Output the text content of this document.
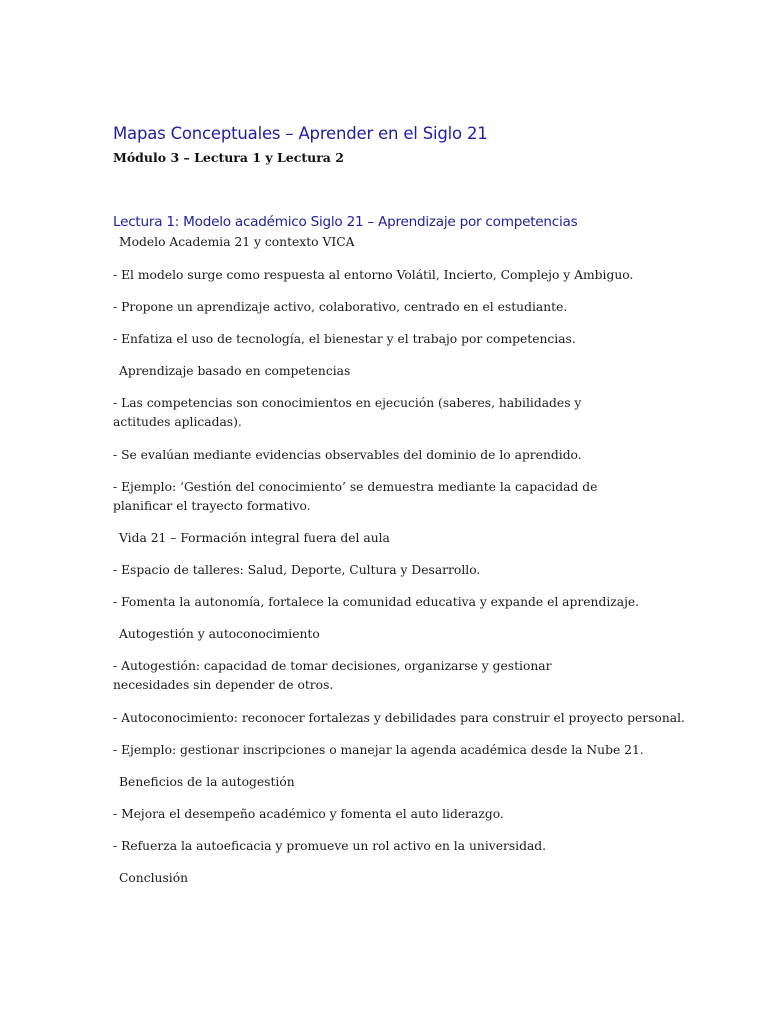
Mapas Conceptuales – Aprender en el Siglo 21
Módulo 3 – Lectura 1 y Lectura 2
Lectura 1: Modelo académico Siglo 21 – Aprendizaje por competencias
Modelo Academia 21 y contexto VICA
- El modelo surge como respuesta al entorno Volátil, Incierto, Complejo y Ambiguo.
- Propone un aprendizaje activo, colaborativo, centrado en el estudiante.
- Enfatiza el uso de tecnología, el bienestar y el trabajo por competencias.
Aprendizaje basado en competencias
- Las competencias son conocimientos en ejecución (saberes, habilidades y actitudes aplicadas).
- Se evalúan mediante evidencias observables del dominio de lo aprendido.
- Ejemplo: ‘Gestión del conocimiento’ se demuestra mediante la capacidad de planificar el trayecto formativo.
Vida 21 – Formación integral fuera del aula
- Espacio de talleres: Salud, Deporte, Cultura y Desarrollo.
- Fomenta la autonomía, fortalece la comunidad educativa y expande el aprendizaje.
Autogestión y autoconocimiento
- Autogestión: capacidad de tomar decisiones, organizarse y gestionar necesidades sin depender de otros.
- Autoconocimiento: reconocer fortalezas y debilidades para construir el proyecto personal.
- Ejemplo: gestionar inscripciones o manejar la agenda académica desde la Nube 21.
Beneficios de la autogestión
- Mejora el desempeño académico y fomenta el auto liderazgo.
- Refuerza la autoeficacia y promueve un rol activo en la universidad.
Conclusión
